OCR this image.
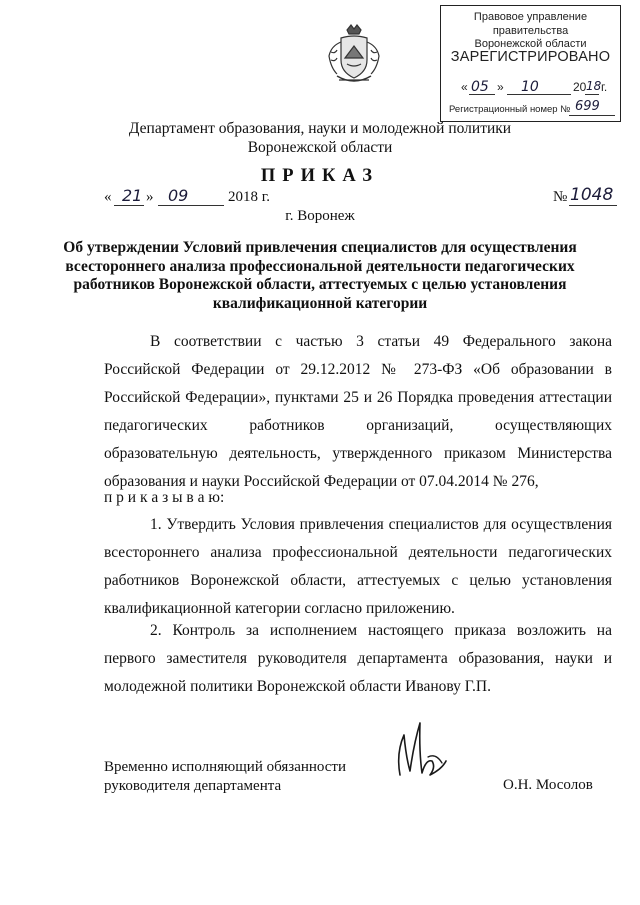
Правовое управление правительства
Воронежской области
ЗАРЕГИСТРИРОВАНО
« 05 » 10	20 18 г.
Регистрационный номер № 699
Департамент образования, науки и молодежной политики
Воронежской области
ПРИКАЗ
« 21 » 09	2018 г.	№ 1048
г. Воронеж
Об утверждении Условий привлечения специалистов для осуществления
всестороннего анализа профессиональной деятельности педагогических
работников Воронежской области, аттестуемых с целью установления
квалификационной категории
В соответствии с частью 3 статьи 49 Федерального закона Российской Федерации от 29.12.2012 № 273-ФЗ «Об образовании в Российской Федерации», пунктами 25 и 26 Порядка проведения аттестации педагогических работников организаций, осуществляющих образовательную деятельность, утвержденного приказом Министерства образования и науки Российской Федерации от 07.04.2014 № 276,
п р и к а з ы в а ю:
1. Утвердить Условия привлечения специалистов для осуществления всестороннего анализа профессиональной деятельности педагогических работников Воронежской области, аттестуемых с целью установления квалификационной категории согласно приложению.
2. Контроль за исполнением настоящего приказа возложить на первого заместителя руководителя департамента образования, науки и молодежной политики Воронежской области Иванову Г.П.
Временно исполняющий обязанности
руководителя департамента	О.Н. Мосолов
